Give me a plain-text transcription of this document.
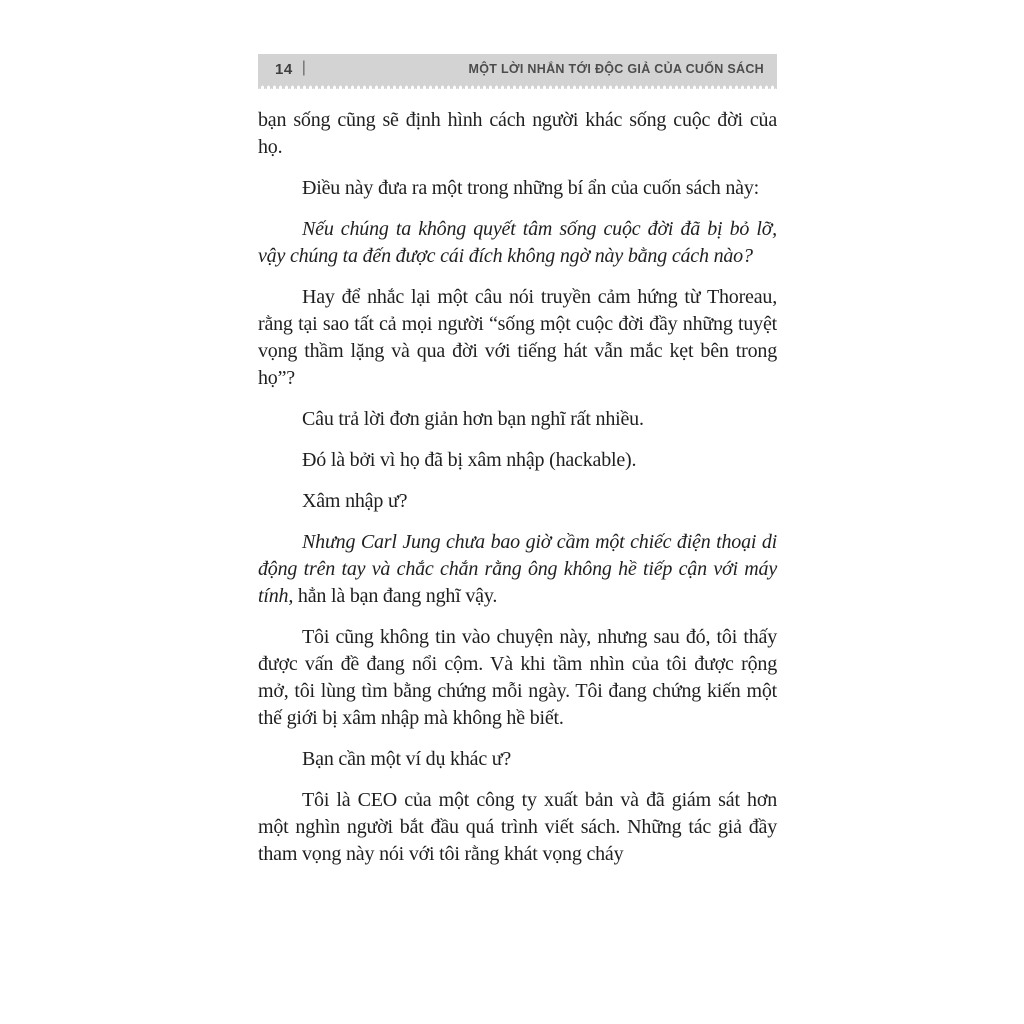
14 |	MỘT LỜI NHẮN TỚI ĐỘC GIẢ CỦA CUỐN SÁCH

bạn sống cũng sẽ định hình cách người khác sống cuộc đời của họ.

Điều này đưa ra một trong những bí ẩn của cuốn sách này:

Nếu chúng ta không quyết tâm sống cuộc đời đã bị bỏ lỡ, vậy chúng ta đến được cái đích không ngờ này bằng cách nào?

Hay để nhắc lại một câu nói truyền cảm hứng từ Thoreau, rằng tại sao tất cả mọi người “sống một cuộc đời đầy những tuyệt vọng thầm lặng và qua đời với tiếng hát vẫn mắc kẹt bên trong họ”?

Câu trả lời đơn giản hơn bạn nghĩ rất nhiều.

Đó là bởi vì họ đã bị xâm nhập (hackable).

Xâm nhập ư?

Nhưng Carl Jung chưa bao giờ cầm một chiếc điện thoại di động trên tay và chắc chắn rằng ông không hề tiếp cận với máy tính, hẳn là bạn đang nghĩ vậy.

Tôi cũng không tin vào chuyện này, nhưng sau đó, tôi thấy được vấn đề đang nổi cộm. Và khi tầm nhìn của tôi được rộng mở, tôi lùng tìm bằng chứng mỗi ngày. Tôi đang chứng kiến một thế giới bị xâm nhập mà không hề biết.

Bạn cần một ví dụ khác ư?

Tôi là CEO của một công ty xuất bản và đã giám sát hơn một nghìn người bắt đầu quá trình viết sách. Những tác giả đầy tham vọng này nói với tôi rằng khát vọng cháy
